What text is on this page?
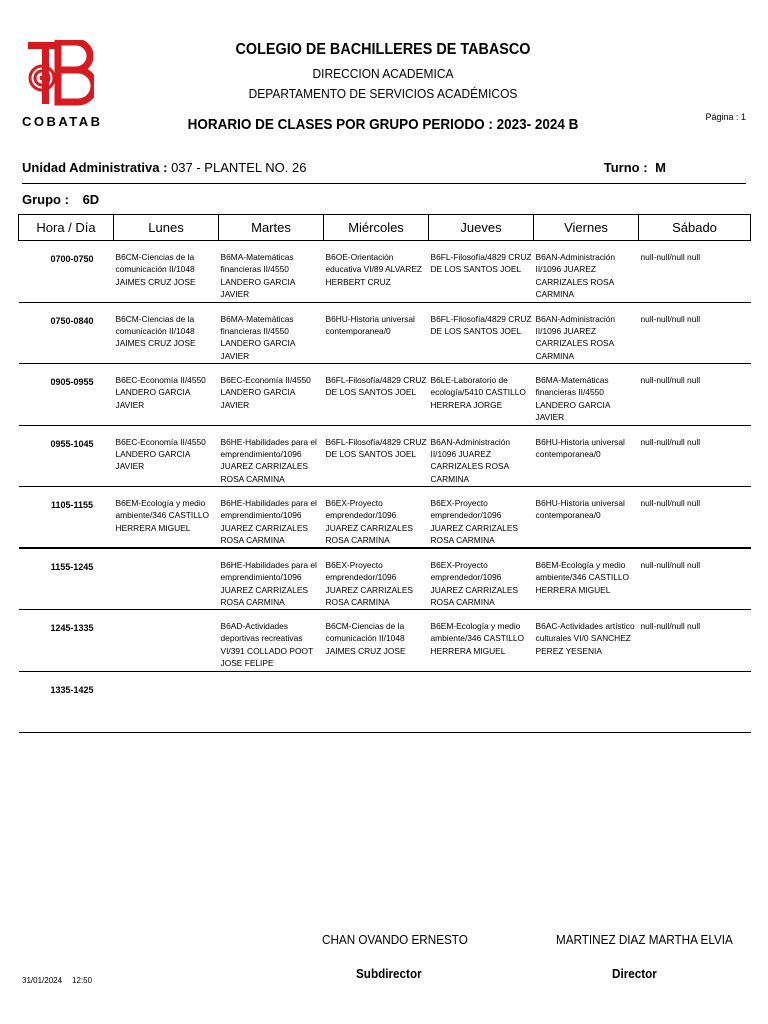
COBATAB
COLEGIO DE BACHILLERES DE TABASCO
DIRECCION ACADEMICA
DEPARTAMENTO DE SERVICIOS ACADÉMICOS
HORARIO DE CLASES POR GRUPO PERIODO : 2023- 2024 B	Página : 1
Unidad Administrativa : 037 - PLANTEL NO. 26	Turno : M
Grupo : 6D
Hora / Día	Lunes	Martes	Miércoles	Jueves	Viernes	Sábado
0700-0750	B6CM-Ciencias de la comunicación II/1048 JAIMES CRUZ JOSE	B6MA-Matemáticas financieras II/4550 LANDERO GARCIA JAVIER	B6OE-Orientación educativa VI/89 ALVAREZ HERBERT CRUZ	B6FL-Filosofía/4829 CRUZ DE LOS SANTOS JOEL	B6AN-Administración II/1096 JUAREZ CARRIZALES ROSA CARMINA	null-null/null null
0750-0840	B6CM-Ciencias de la comunicación II/1048 JAIMES CRUZ JOSE	B6MA-Matemáticas financieras II/4550 LANDERO GARCIA JAVIER	B6HU-Historia universal contemporanea/0	B6FL-Filosofía/4829 CRUZ DE LOS SANTOS JOEL	B6AN-Administración II/1096 JUAREZ CARRIZALES ROSA CARMINA	null-null/null null
0905-0955	B6EC-Economía II/4550 LANDERO GARCIA JAVIER	B6EC-Economía II/4550 LANDERO GARCIA JAVIER	B6FL-Filosofía/4829 CRUZ DE LOS SANTOS JOEL	B6LE-Laboratorio de ecología/5410 CASTILLO HERRERA JORGE	B6MA-Matemáticas financieras II/4550 LANDERO GARCIA JAVIER	null-null/null null
0955-1045	B6EC-Economía II/4550 LANDERO GARCIA JAVIER	B6HE-Habilidades para el emprendimiento/1096 JUAREZ CARRIZALES ROSA CARMINA	B6FL-Filosofía/4829 CRUZ DE LOS SANTOS JOEL	B6AN-Administración II/1096 JUAREZ CARRIZALES ROSA CARMINA	B6HU-Historia universal contemporanea/0	null-null/null null
1105-1155	B6EM-Ecología y medio ambiente/346 CASTILLO HERRERA MIGUEL	B6HE-Habilidades para el emprendimiento/1096 JUAREZ CARRIZALES ROSA CARMINA	B6EX-Proyecto emprendedor/1096 JUAREZ CARRIZALES ROSA CARMINA	B6EX-Proyecto emprendedor/1096 JUAREZ CARRIZALES ROSA CARMINA	B6HU-Historia universal contemporanea/0	null-null/null null
1155-1245		B6HE-Habilidades para el emprendimiento/1096 JUAREZ CARRIZALES ROSA CARMINA	B6EX-Proyecto emprendedor/1096 JUAREZ CARRIZALES ROSA CARMINA	B6EX-Proyecto emprendedor/1096 JUAREZ CARRIZALES ROSA CARMINA	B6EM-Ecología y medio ambiente/346 CASTILLO HERRERA MIGUEL	null-null/null null
1245-1335		B6AD-Actividades deportivas recreativas VI/391 COLLADO POOT JOSE FELIPE	B6CM-Ciencias de la comunicación II/1048 JAIMES CRUZ JOSE	B6EM-Ecología y medio ambiente/346 CASTILLO HERRERA MIGUEL	B6AC-Actividades artístico culturales VI/0 SANCHEZ PEREZ YESENIA	null-null/null null
1335-1425						
CHAN OVANDO ERNESTO
Subdirector
MARTINEZ DIAZ MARTHA ELVIA
Director
31/01/2024 12:50
